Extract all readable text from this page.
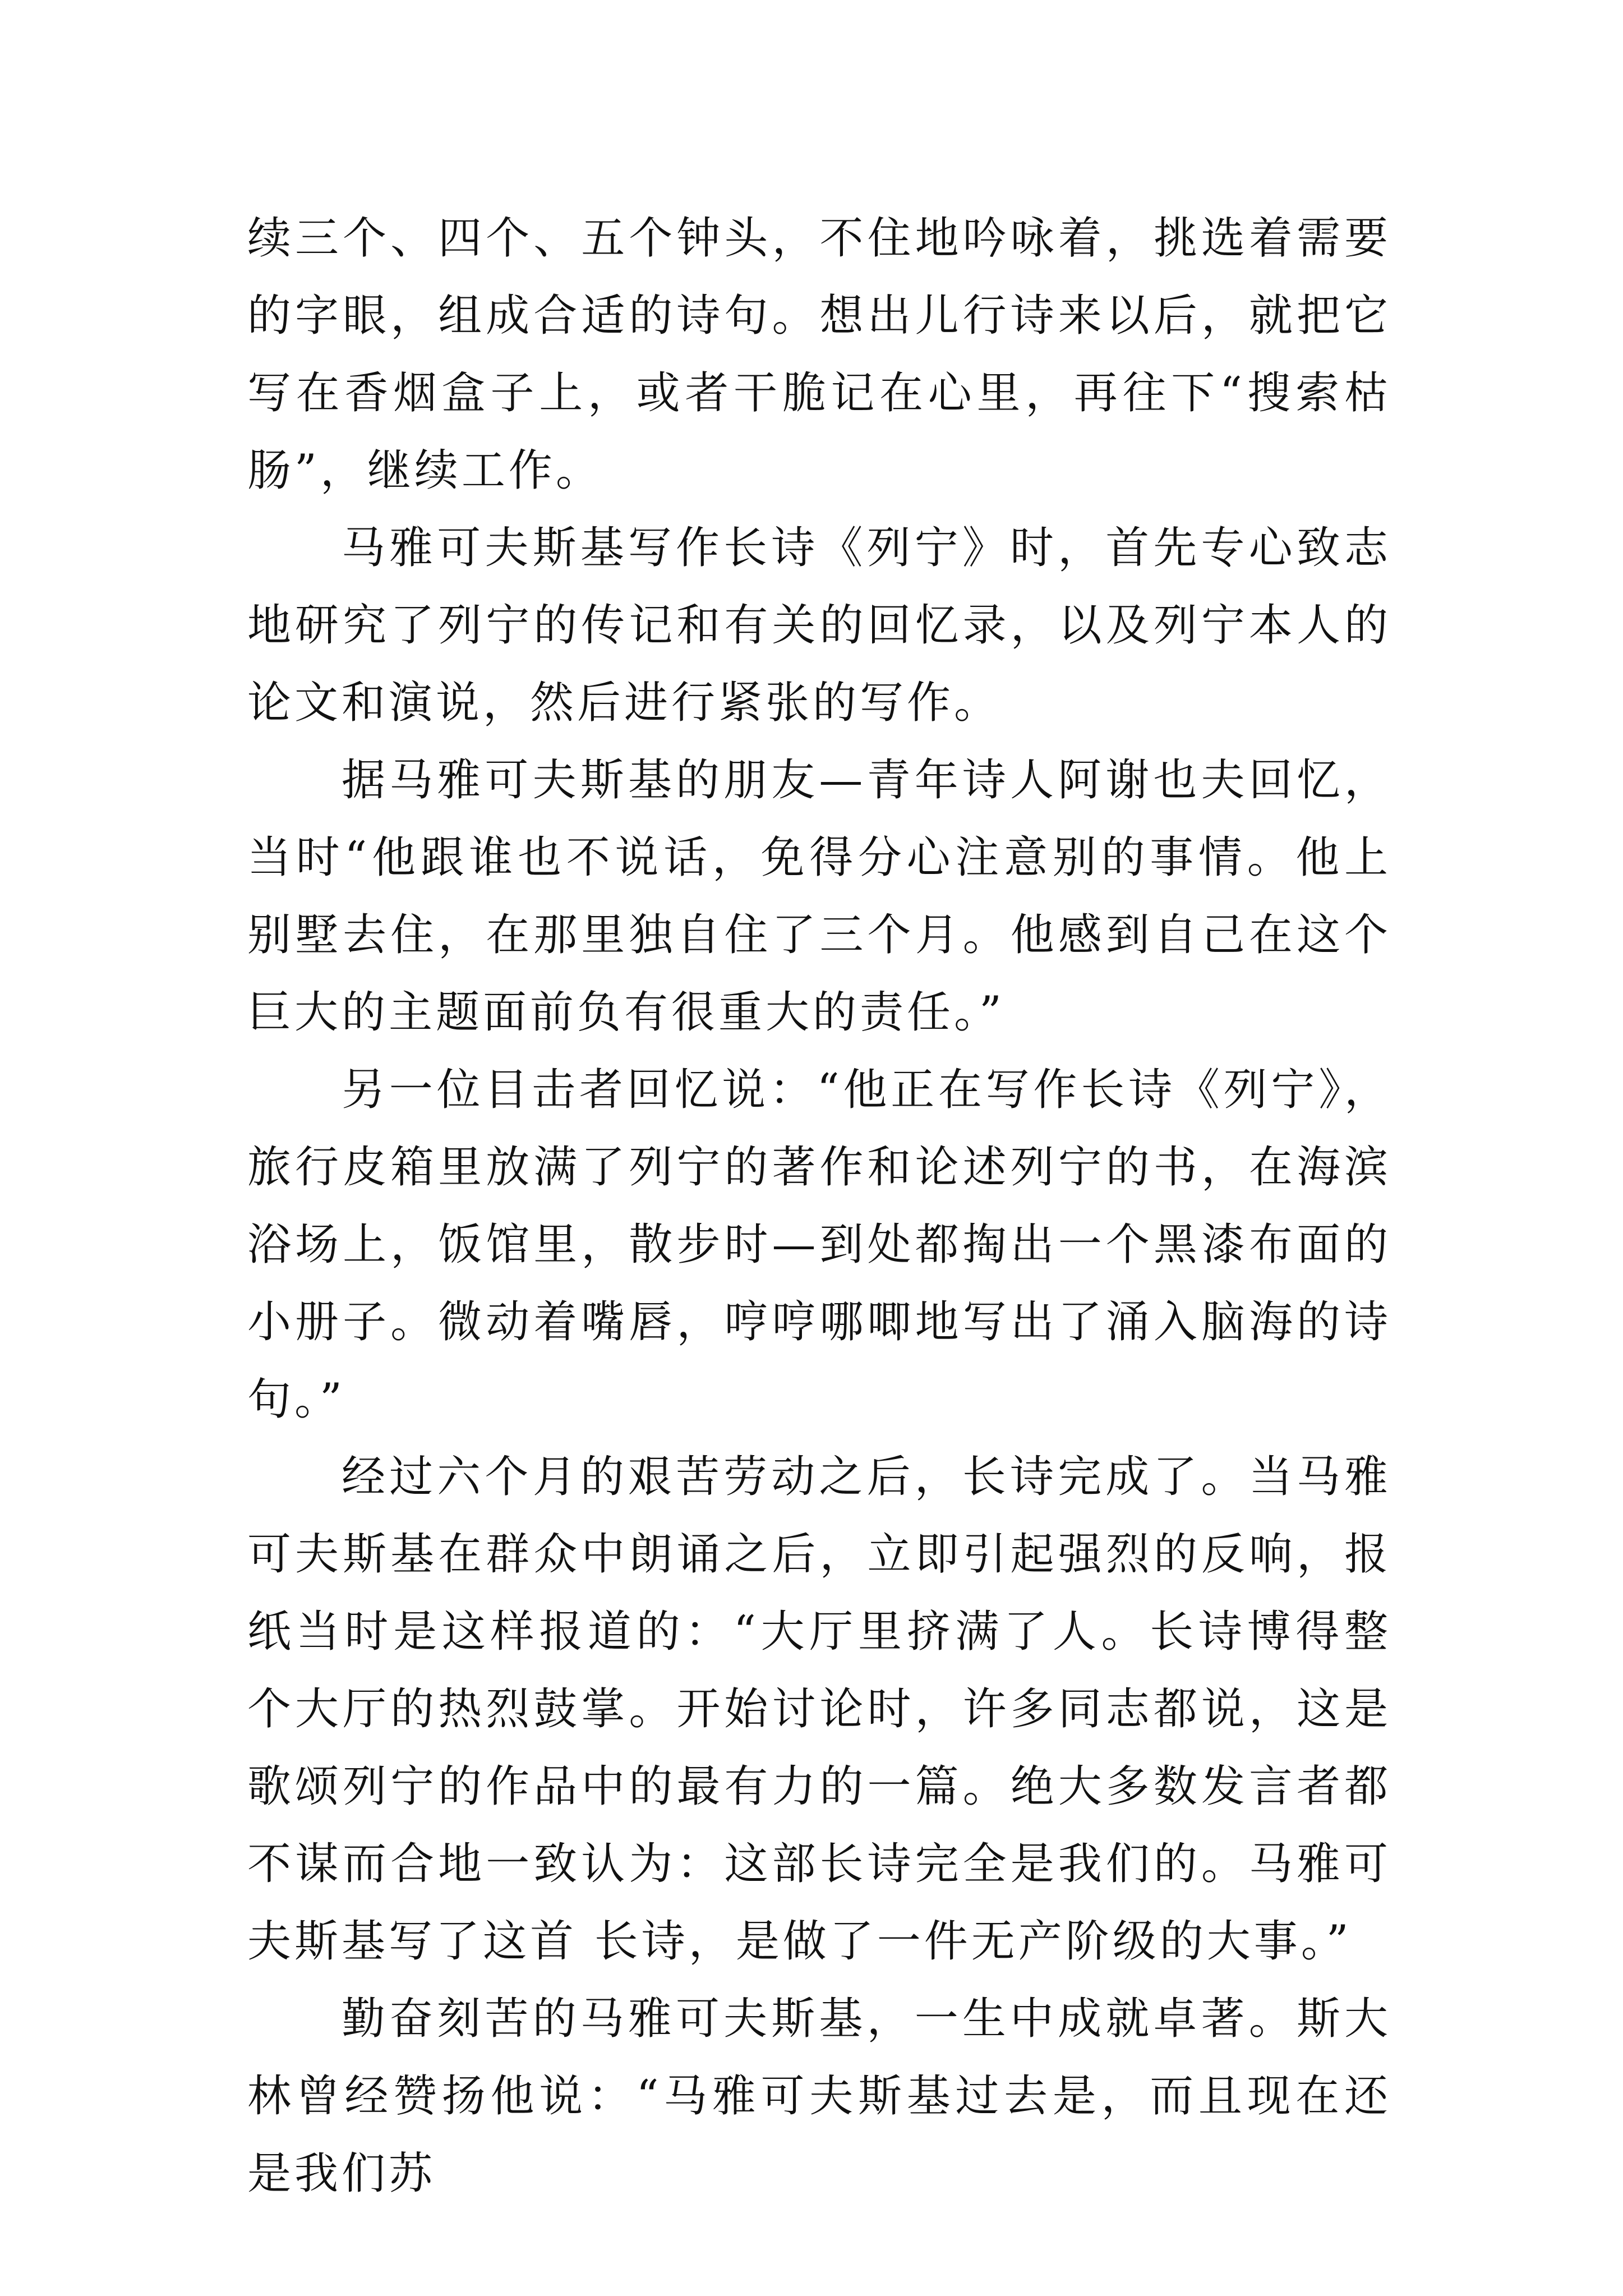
续三个、四个、五个钟头，不住地吟咏着，挑选着需要的字眼，组成合适的诗句。想出儿行诗来以后，就把它写在香烟盒子上，或者干脆记在心里，再往下“搜索枯肠”，继续工作。

马雅可夫斯基写作长诗《列宁》时，首先专心致志地研究了列宁的传记和有关的回忆录，以及列宁本人的论文和演说，然后进行紧张的写作。

据马雅可夫斯基的朋友—青年诗人阿谢也夫回忆，当时“他跟谁也不说话，免得分心注意别的事情。他上别墅去住，在那里独自住了三个月。他感到自己在这个巨大的主题面前负有很重大的责任。”

另一位目击者回忆说：“他正在写作长诗《列宁》，旅行皮箱里放满了列宁的著作和论述列宁的书，在海滨浴场上，饭馆里，散步时—到处都掏出一个黑漆布面的小册子。微动着嘴唇，哼哼哪唧地写出了涌入脑海的诗句。”

经过六个月的艰苦劳动之后，长诗完成了。当马雅可夫斯基在群众中朗诵之后，立即引起强烈的反响，报纸当时是这样报道的：“大厅里挤满了人。长诗博得整个大厅的热烈鼓掌。开始讨论时，许多同志都说，这是歌颂列宁的作品中的最有力的一篇。绝大多数发言者都不谋而合地一致认为：这部长诗完全是我们的。马雅可夫斯基写了这首 长诗，是做了一件无产阶级的大事。”

勤奋刻苦的马雅可夫斯基，一生中成就卓著。斯大林曾经赞扬他说：“马雅可夫斯基过去是，而且现在还是我们苏
